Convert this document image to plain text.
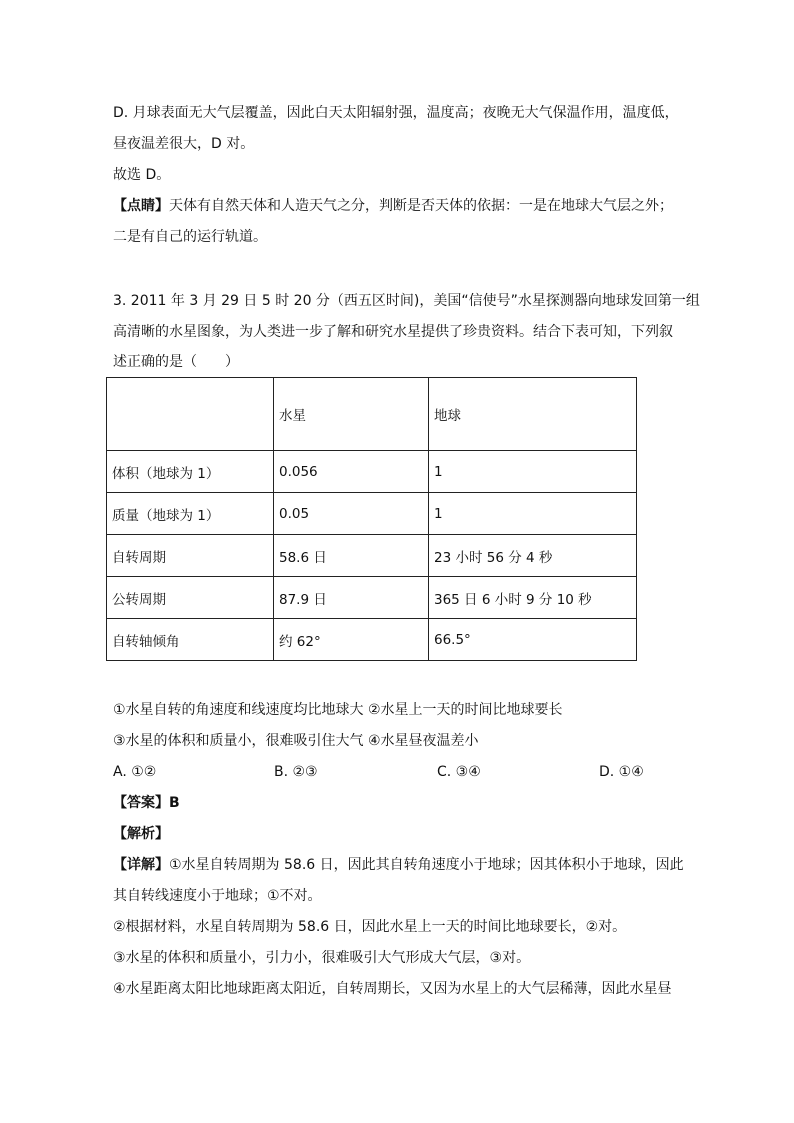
D. 月球表面无大气层覆盖，因此白天太阳辐射强，温度高；夜晚无大气保温作用，温度低，
昼夜温差很大，D 对。
故选 D。
【点睛】天体有自然天体和人造天气之分，判断是否天体的依据：一是在地球大气层之外；
二是有自己的运行轨道。
3. 2011 年 3 月 29 日 5 时 20 分（西五区时间)，美国“信使号”水星探测器向地球发回第一组
高清晰的水星图象，为人类进一步了解和研究水星提供了珍贵资料。结合下表可知，下列叙
述正确的是（　　）
	水星	地球
体积（地球为 1）	0.056	1
质量（地球为 1）	0.05	1
自转周期	58.6 日	23 小时 56 分 4 秒
公转周期	87.9 日	365 日 6 小时 9 分 10 秒
自转轴倾角	约 62°	66.5°
①水星自转的角速度和线速度均比地球大 ②水星上一天的时间比地球要长
③水星的体积和质量小，很难吸引住大气 ④水星昼夜温差小
A. ①②	B. ②③	C. ③④	D. ①④
【答案】B
【解析】
【详解】①水星自转周期为 58.6 日，因此其自转角速度小于地球；因其体积小于地球，因此
其自转线速度小于地球；①不对。
②根据材料，水星自转周期为 58.6 日，因此水星上一天的时间比地球要长，②对。
③水星的体积和质量小，引力小，很难吸引大气形成大气层，③对。
④水星距离太阳比地球距离太阳近，自转周期长，又因为水星上的大气层稀薄，因此水星昼
